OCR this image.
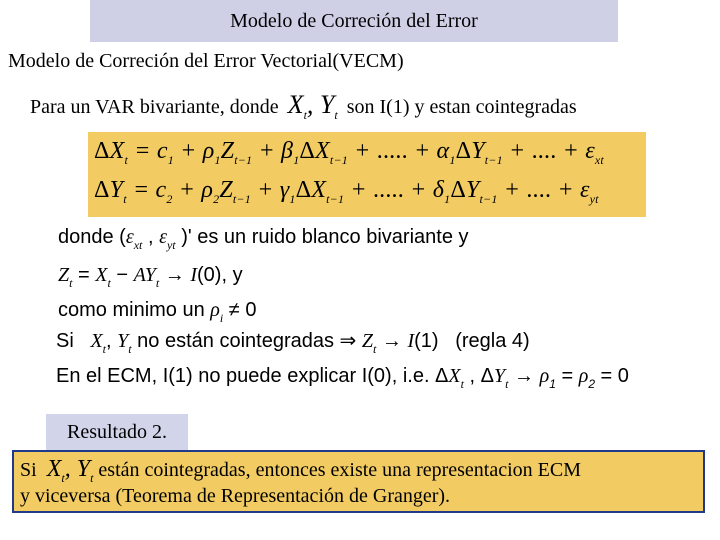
Modelo de Correción del Error
Modelo de Correción del Error Vectorial(VECM)
Para un VAR bivariante, donde $X_t$, $Y_t$ son I(1) y estan cointegradas
$\Delta X_t = c_1 + \rho_1Z_{t-1} + \beta_1\Delta X_{t-1}$ + ..... + $\alpha_1\Delta Y_{t-1}$ + .... + $\varepsilon_{xt}$
$\Delta Y_t = c_2 + \rho_2Z_{t-1} + \gamma_1\Delta X_{t-1}$ + ..... + $\delta_1\Delta Y_{t-1}$ + .... + $\varepsilon_{yt}$
donde ($\varepsilon_{xt}$ , $\varepsilon_{yt}$ )' es un ruido blanco bivariante y
$Z_t = X_t - AY_t \to I(0)$, y
como minimo un $\rho_i \ne 0$
Si   $X_t$, $Y_t$ no están cointegradas ⇒ $Z_t \to I(1)$   (regla 4)
En el ECM, I(1) no puede explicar I(0), i.e. $\Delta X_t$ , $\Delta Y_t \to \rho_1 = \rho_2 = 0$
Resultado 2.
Si  $X_t$, $Y_t$ están cointegradas, entonces existe una representacion ECM
y viceversa (Teorema de Representación de Granger).
